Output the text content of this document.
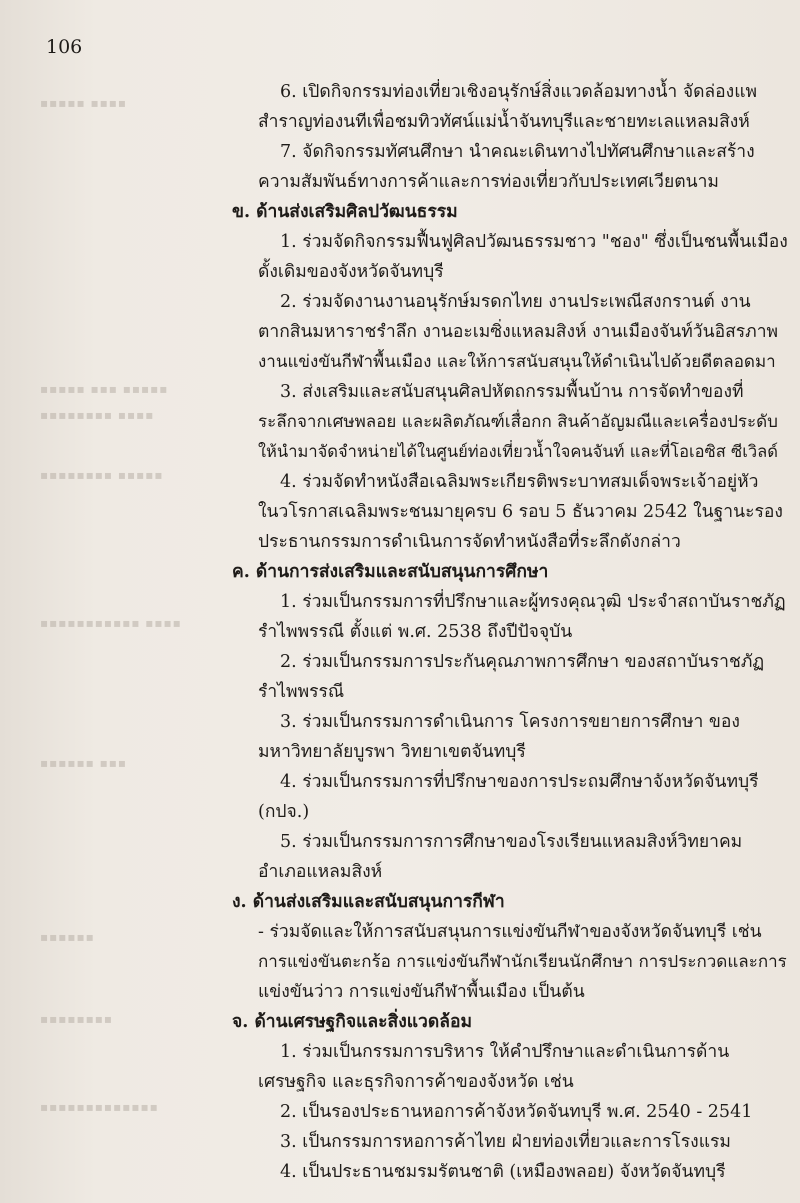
▪▪▪▪▪ ▪▪▪▪
▪▪▪▪▪ ▪▪▪ ▪▪▪▪▪
▪▪▪▪▪▪▪▪ ▪▪▪▪
▪▪▪▪▪▪▪▪ ▪▪▪▪▪
▪▪▪▪▪▪▪▪▪▪▪ ▪▪▪▪
▪▪▪▪▪▪ ▪▪▪
▪▪▪▪▪▪
▪▪▪▪▪▪▪▪
▪▪▪▪▪▪▪▪▪▪▪▪▪
106
6. เปิดกิจกรรมท่องเที่ยวเชิงอนุรักษ์สิ่งแวดล้อมทางน้ำ จัดล่องแพ
สำราญท่องนทีเพื่อชมทิวทัศน์แม่น้ำจันทบุรีและชายทะเลแหลมสิงห์
7. จัดกิจกรรมทัศนศึกษา นำคณะเดินทางไปทัศนศึกษาและสร้าง
ความสัมพันธ์ทางการค้าและการท่องเที่ยวกับประเทศเวียตนาม
ข. ด้านส่งเสริมศิลปวัฒนธรรม
1. ร่วมจัดกิจกรรมฟื้นฟูศิลปวัฒนธรรมชาว "ชอง" ซึ่งเป็นชนพื้นเมือง
ดั้งเดิมของจังหวัดจันทบุรี
2. ร่วมจัดงานงานอนุรักษ์มรดกไทย งานประเพณีสงกรานต์ งาน
ตากสินมหาราชรำลึก งานอะเมซิ่งแหลมสิงห์ งานเมืองจันท์วันอิสรภาพ
งานแข่งขันกีฬาพื้นเมือง และให้การสนับสนุนให้ดำเนินไปด้วยดีตลอดมา
3. ส่งเสริมและสนับสนุนศิลปหัตถกรรมพื้นบ้าน การจัดทำของที่
ระลึกจากเศษพลอย และผลิตภัณฑ์เสื่อกก สินค้าอัญมณีและเครื่องประดับ
ให้นำมาจัดจำหน่ายได้ในศูนย์ท่องเที่ยวน้ำใจคนจันท์ และที่โอเอซิส ซีเวิลด์
4. ร่วมจัดทำหนังสือเฉลิมพระเกียรติพระบาทสมเด็จพระเจ้าอยู่หัว
ในวโรกาสเฉลิมพระชนมายุครบ 6 รอบ 5 ธันวาคม 2542 ในฐานะรอง
ประธานกรรมการดำเนินการจัดทำหนังสือที่ระลึกดังกล่าว
ค. ด้านการส่งเสริมและสนับสนุนการศึกษา
1. ร่วมเป็นกรรมการที่ปรึกษาและผู้ทรงคุณวุฒิ ประจำสถาบันราชภัฏ
รำไพพรรณี ตั้งแต่ พ.ศ. 2538 ถึงปีปัจจุบัน
2. ร่วมเป็นกรรมการประกันคุณภาพการศึกษา ของสถาบันราชภัฏ
รำไพพรรณี
3. ร่วมเป็นกรรมการดำเนินการ โครงการขยายการศึกษา ของ
มหาวิทยาลัยบูรพา วิทยาเขตจันทบุรี
4. ร่วมเป็นกรรมการที่ปรึกษาของการประถมศึกษาจังหวัดจันทบุรี
(กปจ.)
5. ร่วมเป็นกรรมการการศึกษาของโรงเรียนแหลมสิงห์วิทยาคม
อำเภอแหลมสิงห์
ง. ด้านส่งเสริมและสนับสนุนการกีฬา
- ร่วมจัดและให้การสนับสนุนการแข่งขันกีฬาของจังหวัดจันทบุรี เช่น
การแข่งขันตะกร้อ การแข่งขันกีฬานักเรียนนักศึกษา การประกวดและการ
แข่งขันว่าว การแข่งขันกีฬาพื้นเมือง เป็นต้น
จ. ด้านเศรษฐกิจและสิ่งแวดล้อม
1. ร่วมเป็นกรรมการบริหาร ให้คำปรึกษาและดำเนินการด้าน
เศรษฐกิจ และธุรกิจการค้าของจังหวัด เช่น
2. เป็นรองประธานหอการค้าจังหวัดจันทบุรี พ.ศ. 2540 - 2541
3. เป็นกรรมการหอการค้าไทย ฝ่ายท่องเที่ยวและการโรงแรม
4. เป็นประธานชมรมรัตนชาติ (เหมืองพลอย) จังหวัดจันทบุรี
